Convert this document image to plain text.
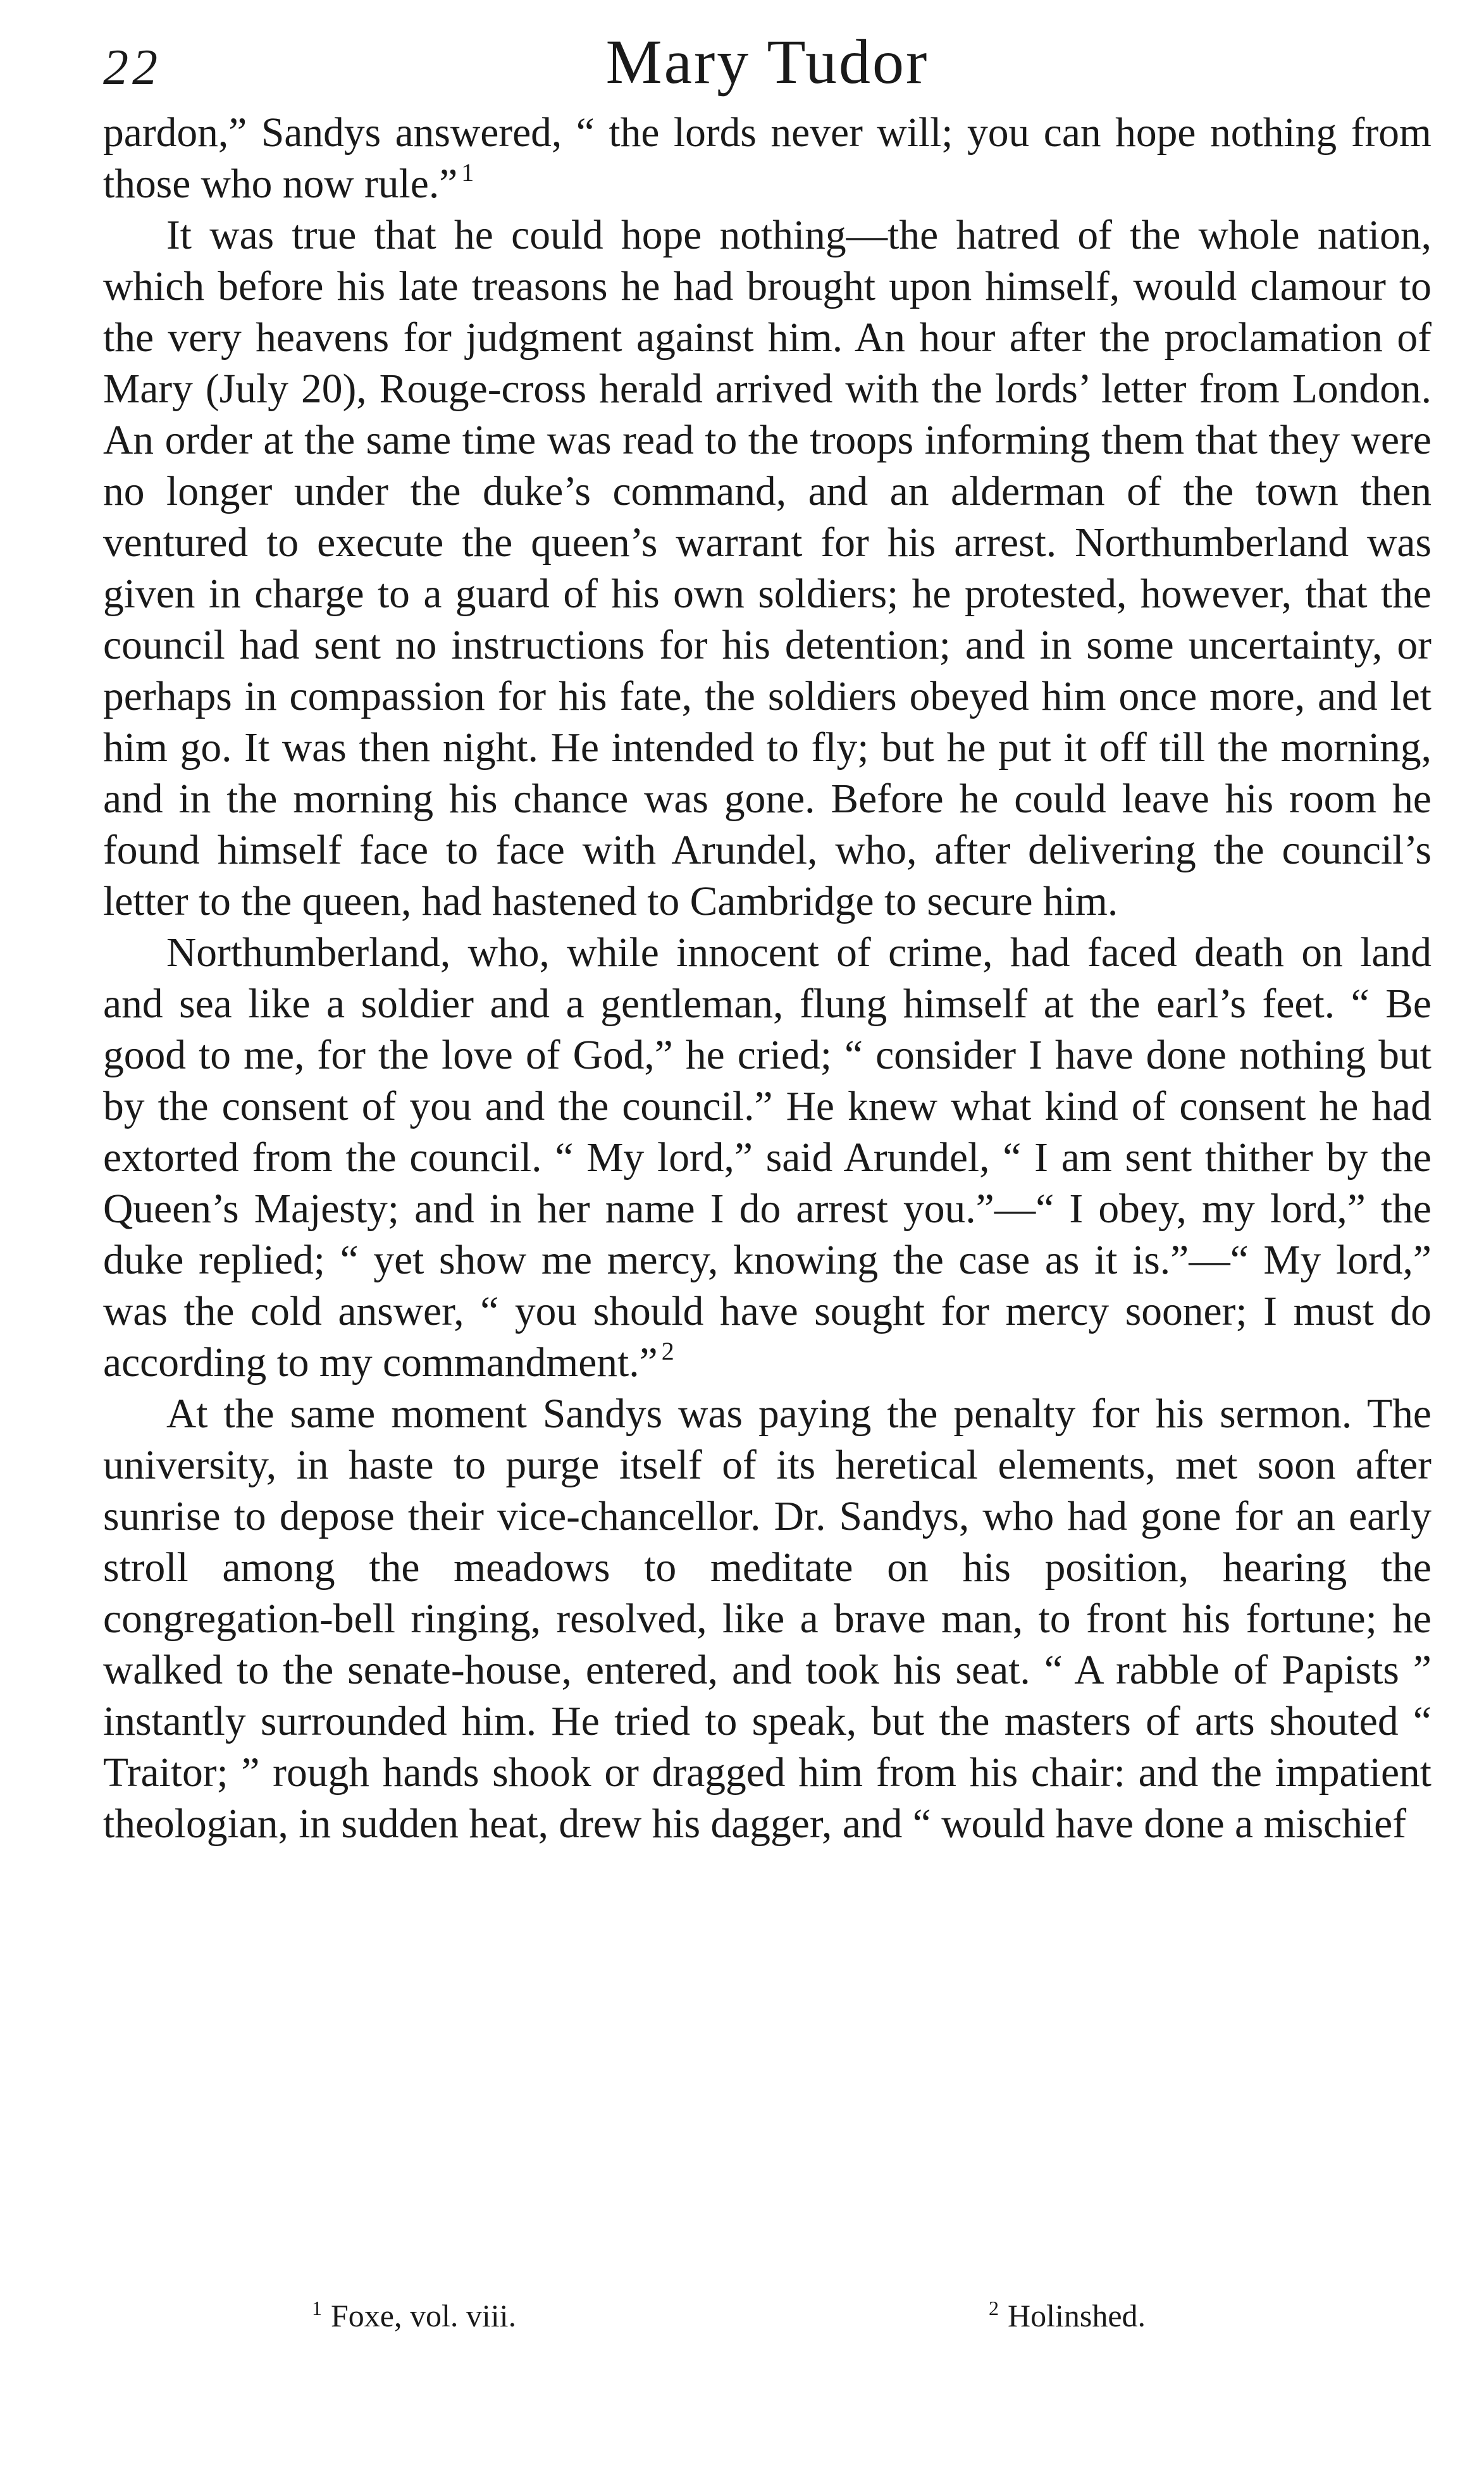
22	Mary Tudor

pardon,” Sandys answered, “ the lords never will; you can hope nothing from those who now rule.” $^1$

It was true that he could hope nothing—the hatred of the whole nation, which before his late treasons he had brought upon himself, would clamour to the very heavens for judgment against him. An hour after the proclamation of Mary (July 20), Rouge-cross herald arrived with the lords’ letter from London. An order at the same time was read to the troops informing them that they were no longer under the duke’s command, and an alderman of the town then ventured to execute the queen’s warrant for his arrest. Northumberland was given in charge to a guard of his own soldiers; he protested, however, that the council had sent no instructions for his detention; and in some uncertainty, or perhaps in compassion for his fate, the soldiers obeyed him once more, and let him go. It was then night. He intended to fly; but he put it off till the morning, and in the morning his chance was gone. Before he could leave his room he found himself face to face with Arundel, who, after delivering the council’s letter to the queen, had hastened to Cambridge to secure him.

Northumberland, who, while innocent of crime, had faced death on land and sea like a soldier and a gentleman, flung himself at the earl’s feet. “ Be good to me, for the love of God,” he cried; “ consider I have done nothing but by the consent of you and the council.” He knew what kind of consent he had extorted from the council. “ My lord,” said Arundel, “ I am sent thither by the Queen’s Majesty; and in her name I do arrest you.”—“ I obey, my lord,” the duke replied; “ yet show me mercy, knowing the case as it is.”—“ My lord,” was the cold answer, “ you should have sought for mercy sooner; I must do according to my commandment.” $^2$

At the same moment Sandys was paying the penalty for his sermon. The university, in haste to purge itself of its heretical elements, met soon after sunrise to depose their vice-chancellor. Dr. Sandys, who had gone for an early stroll among the meadows to meditate on his position, hearing the congregation-bell ringing, resolved, like a brave man, to front his fortune; he walked to the senate-house, entered, and took his seat. “ A rabble of Papists ” instantly surrounded him. He tried to speak, but the masters of arts shouted “ Traitor; ” rough hands shook or dragged him from his chair: and the impatient theologian, in sudden heat, drew his dagger, and “ would have done a mischief

$^1$ Foxe, vol. viii.	$^2$ Holinshed.
